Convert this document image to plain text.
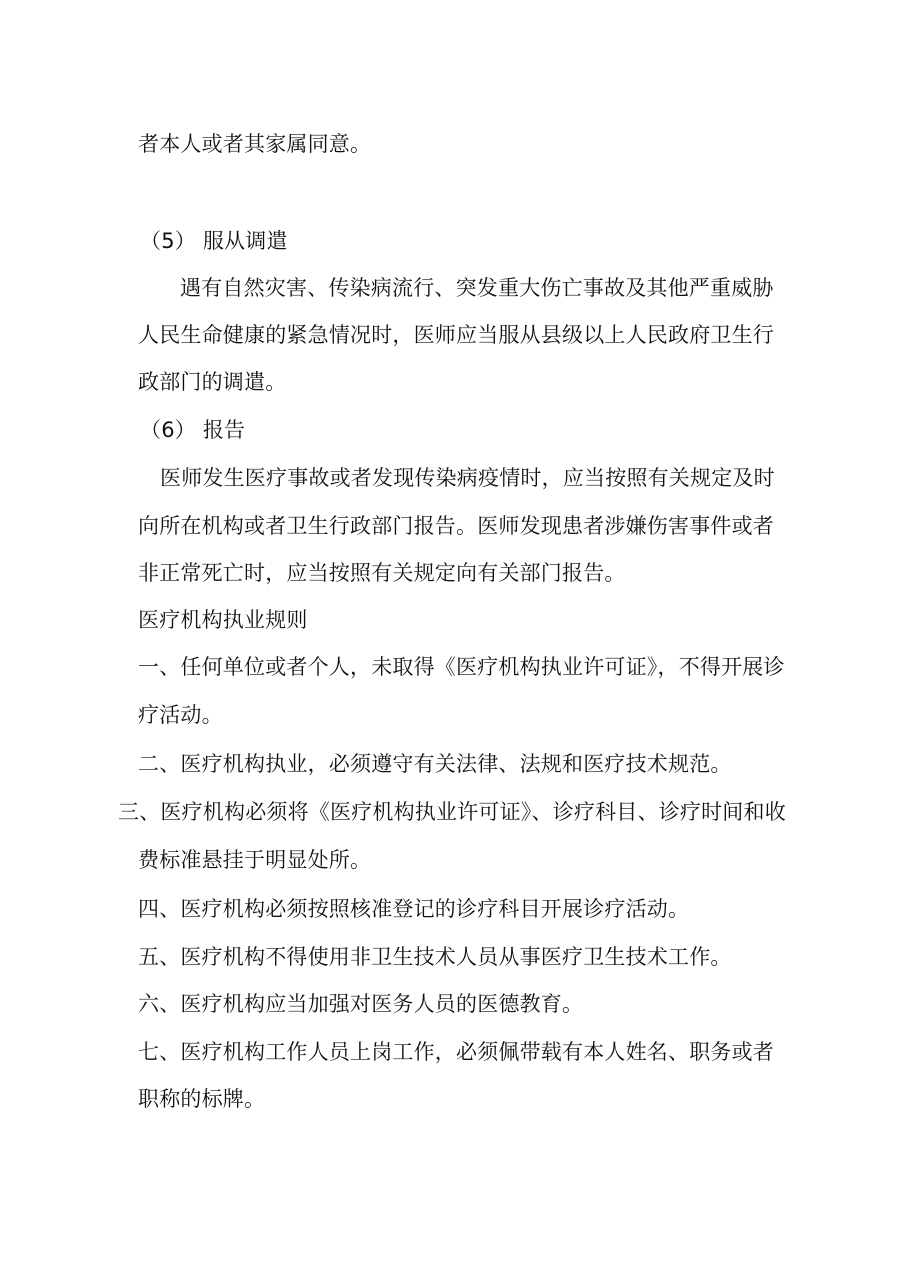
者本人或者其家属同意。
（5） 服从调遣
遇有自然灾害、传染病流行、突发重大伤亡事故及其他严重威胁
人民生命健康的紧急情况时，医师应当服从县级以上人民政府卫生行
政部门的调遣。
（6） 报告
医师发生医疗事故或者发现传染病疫情时，应当按照有关规定及时
向所在机构或者卫生行政部门报告。医师发现患者涉嫌伤害事件或者
非正常死亡时，应当按照有关规定向有关部门报告。
医疗机构执业规则
一、任何单位或者个人，未取得《医疗机构执业许可证》，不得开展诊
疗活动。
二、医疗机构执业，必须遵守有关法律、法规和医疗技术规范。
三、医疗机构必须将《医疗机构执业许可证》、诊疗科目、诊疗时间和收
费标准悬挂于明显处所。
四、医疗机构必须按照核准登记的诊疗科目开展诊疗活动。
五、医疗机构不得使用非卫生技术人员从事医疗卫生技术工作。
六、医疗机构应当加强对医务人员的医德教育。
七、医疗机构工作人员上岗工作，必须佩带载有本人姓名、职务或者
职称的标牌。
